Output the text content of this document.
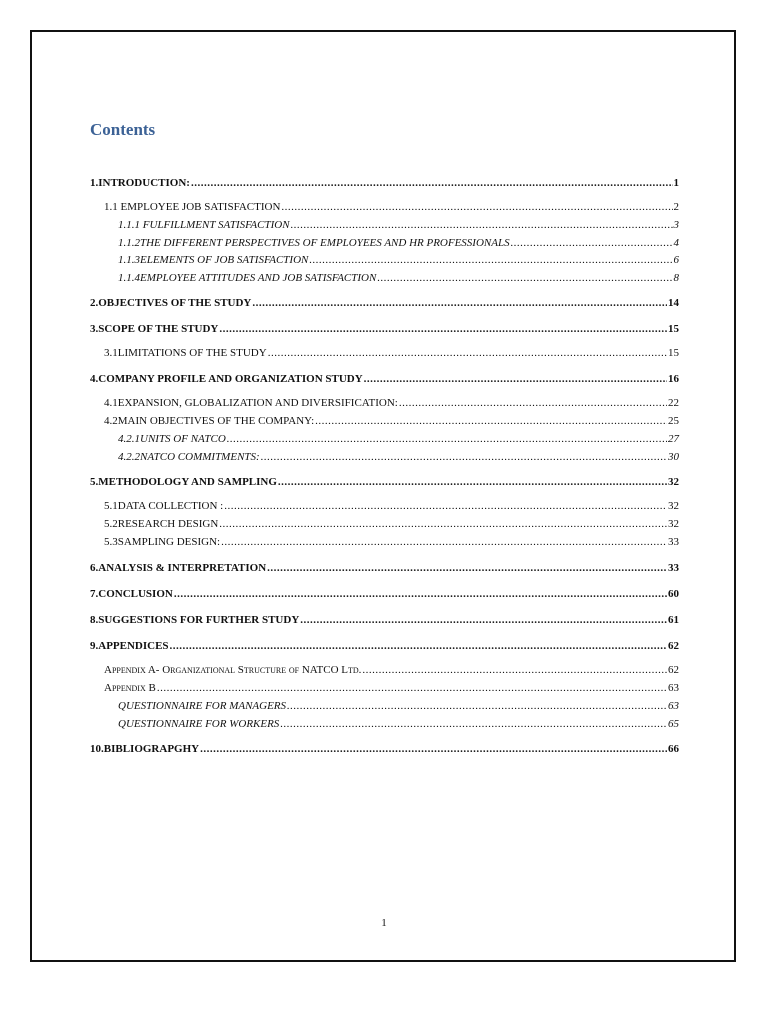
Contents
1.INTRODUCTION: .....	1
1.1 EMPLOYEE JOB SATISFACTION .....	2
1.1.1 FULFILLMENT SATISFACTION .....	3
1.1.2THE DIFFERENT PERSPECTIVES OF EMPLOYEES AND HR PROFESSIONALS .....	4
1.1.3ELEMENTS OF JOB SATISFACTION .....	6
1.1.4EMPLOYEE ATTITUDES AND JOB SATISFACTION .....	8
2.OBJECTIVES OF THE STUDY .....	14
3.SCOPE OF THE STUDY .....	15
3.1LIMITATIONS OF THE STUDY .....	15
4.COMPANY PROFILE AND ORGANIZATION STUDY .....	16
4.1EXPANSION, GLOBALIZATION AND DIVERSIFICATION: .....	22
4.2MAIN OBJECTIVES OF THE COMPANY: .....	25
4.2.1UNITS OF NATCO .....	27
4.2.2NATCO COMMITMENTS: .....	30
5.METHODOLOGY AND SAMPLING .....	32
5.1DATA COLLECTION : .....	32
5.2RESEARCH DESIGN .....	32
5.3SAMPLING DESIGN: .....	33
6.ANALYSIS & INTERPRETATION .....	33
7.CONCLUSION .....	60
8.SUGGESTIONS FOR FURTHER STUDY .....	61
9.APPENDICES .....	62
Appendix A- Organizational Structure of NATCO Ltd. .....	62
Appendix B .....	63
QUESTIONNAIRE FOR MANAGERS .....	63
QUESTIONNAIRE FOR WORKERS .....	65
10.BIBLIOGRAPGHY .....	66
1
